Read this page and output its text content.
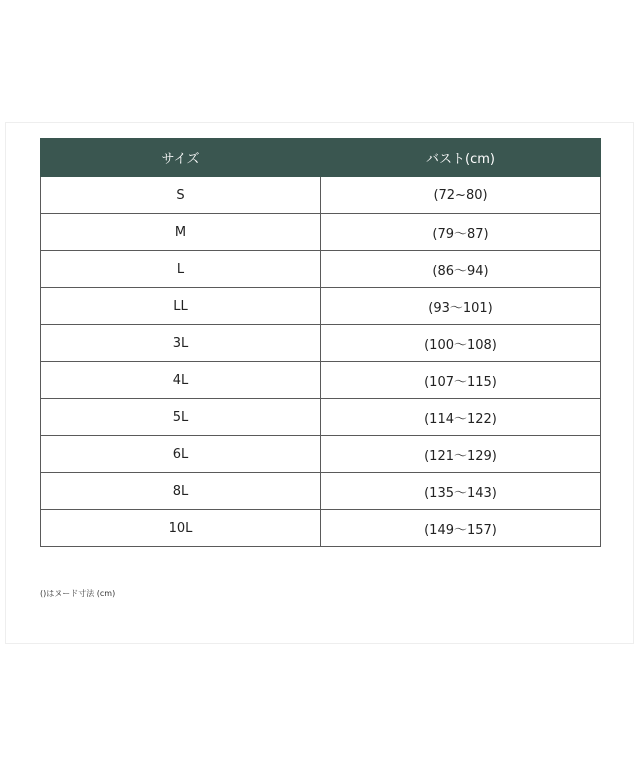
サイズ	バスト(cm)
S	(72~80)
M	(79～87)
L	(86～94)
LL	(93～101)
3L	(100～108)
4L	(107～115)
5L	(114～122)
6L	(121～129)
8L	(135～143)
10L	(149～157)
()はヌード寸法 (cm)
